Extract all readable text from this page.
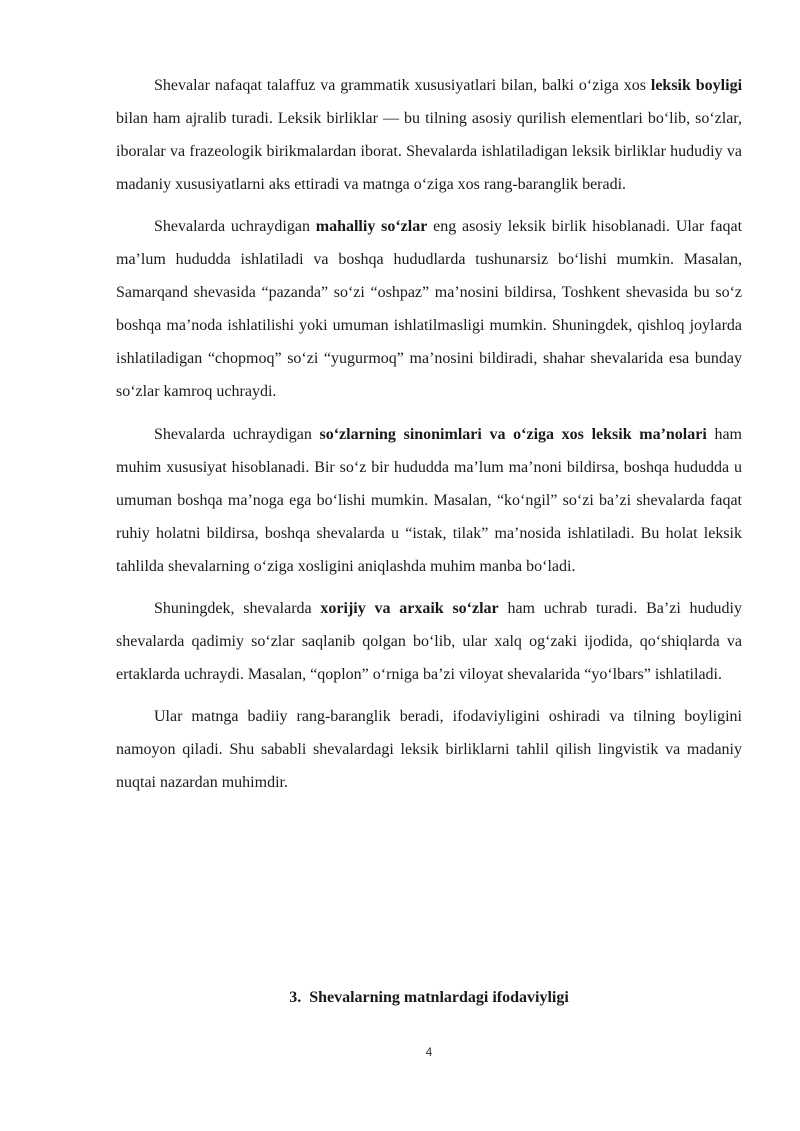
Shevalar nafaqat talaffuz va grammatik xususiyatlari bilan, balki o‘ziga xos leksik boyligi bilan ham ajralib turadi. Leksik birliklar — bu tilning asosiy qurilish elementlari bo‘lib, so‘zlar, iboralar va frazeologik birikmalardan iborat. Shevalarda ishlatiladigan leksik birliklar hududiy va madaniy xususiyatlarni aks ettiradi va matnga o‘ziga xos rang-baranglik beradi.

Shevalarda uchraydigan mahalliy so‘zlar eng asosiy leksik birlik hisoblanadi. Ular faqat ma’lum hududda ishlatiladi va boshqa hududlarda tushunarsiz bo‘lishi mumkin. Masalan, Samarqand shevasida “pazanda” so‘zi “oshpaz” ma’nosini bildirsa, Toshkent shevasida bu so‘z boshqa ma’noda ishlatilishi yoki umuman ishlatilmasligi mumkin. Shuningdek, qishloq joylarda ishlatiladigan “chopmoq” so‘zi “yugurmoq” ma’nosini bildiradi, shahar shevalarida esa bunday so‘zlar kamroq uchraydi.

Shevalarda uchraydigan so‘zlarning sinonimlari va o‘ziga xos leksik ma’nolari ham muhim xususiyat hisoblanadi. Bir so‘z bir hududda ma’lum ma’noni bildirsa, boshqa hududda u umuman boshqa ma’noga ega bo‘lishi mumkin. Masalan, “ko‘ngil” so‘zi ba’zi shevalarda faqat ruhiy holatni bildirsa, boshqa shevalarda u “istak, tilak” ma’nosida ishlatiladi. Bu holat leksik tahlilda shevalarning o‘ziga xosligini aniqlashda muhim manba bo‘ladi.

Shuningdek, shevalarda xorijiy va arxaik so‘zlar ham uchrab turadi. Ba’zi hududiy shevalarda qadimiy so‘zlar saqlanib qolgan bo‘lib, ular xalq og‘zaki ijodida, qo‘shiqlarda va ertaklarda uchraydi. Masalan, “qoplon” o‘rniga ba’zi viloyat shevalarida “yo‘lbars” ishlatiladi.

Ular matnga badiiy rang-baranglik beradi, ifodaviyligini oshiradi va tilning boyligini namoyon qiladi. Shu sababli shevalardagi leksik birliklarni tahlil qilish lingvistik va madaniy nuqtai nazardan muhimdir.

3. Shevalarning matnlardagi ifodaviyligi
4
